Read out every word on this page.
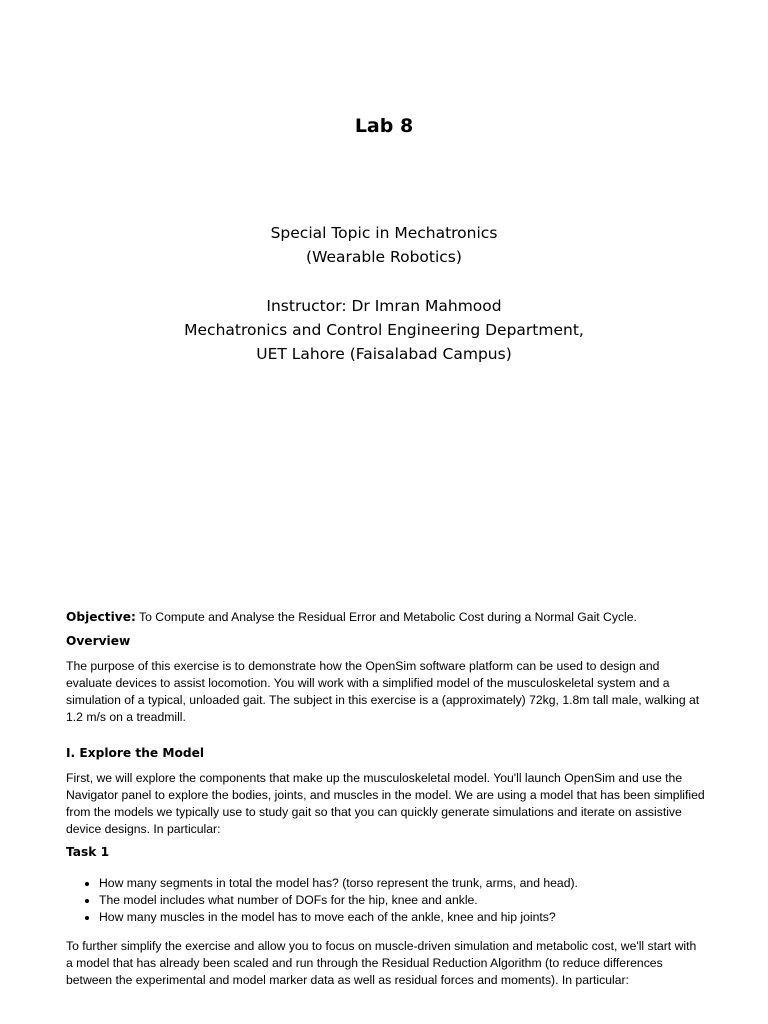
Lab 8
Special Topic in Mechatronics
(Wearable Robotics)
Instructor: Dr Imran Mahmood
Mechatronics and Control Engineering Department,
UET Lahore (Faisalabad Campus)
Objective: To Compute and Analyse the Residual Error and Metabolic Cost during a Normal Gait Cycle.
Overview
The purpose of this exercise is to demonstrate how the OpenSim software platform can be used to design and evaluate devices to assist locomotion. You will work with a simplified model of the musculoskeletal system and a simulation of a typical, unloaded gait. The subject in this exercise is a (approximately) 72kg, 1.8m tall male, walking at 1.2 m/s on a treadmill.
I. Explore the Model
First, we will explore the components that make up the musculoskeletal model. You'll launch OpenSim and use the Navigator panel to explore the bodies, joints, and muscles in the model. We are using a model that has been simplified from the models we typically use to study gait so that you can quickly generate simulations and iterate on assistive device designs. In particular:
Task 1
• How many segments in total the model has? (torso represent the trunk, arms, and head).
• The model includes what number of DOFs for the hip, knee and ankle.
• How many muscles in the model has to move each of the ankle, knee and hip joints?
To further simplify the exercise and allow you to focus on muscle-driven simulation and metabolic cost, we'll start with a model that has already been scaled and run through the Residual Reduction Algorithm (to reduce differences between the experimental and model marker data as well as residual forces and moments). In particular:
